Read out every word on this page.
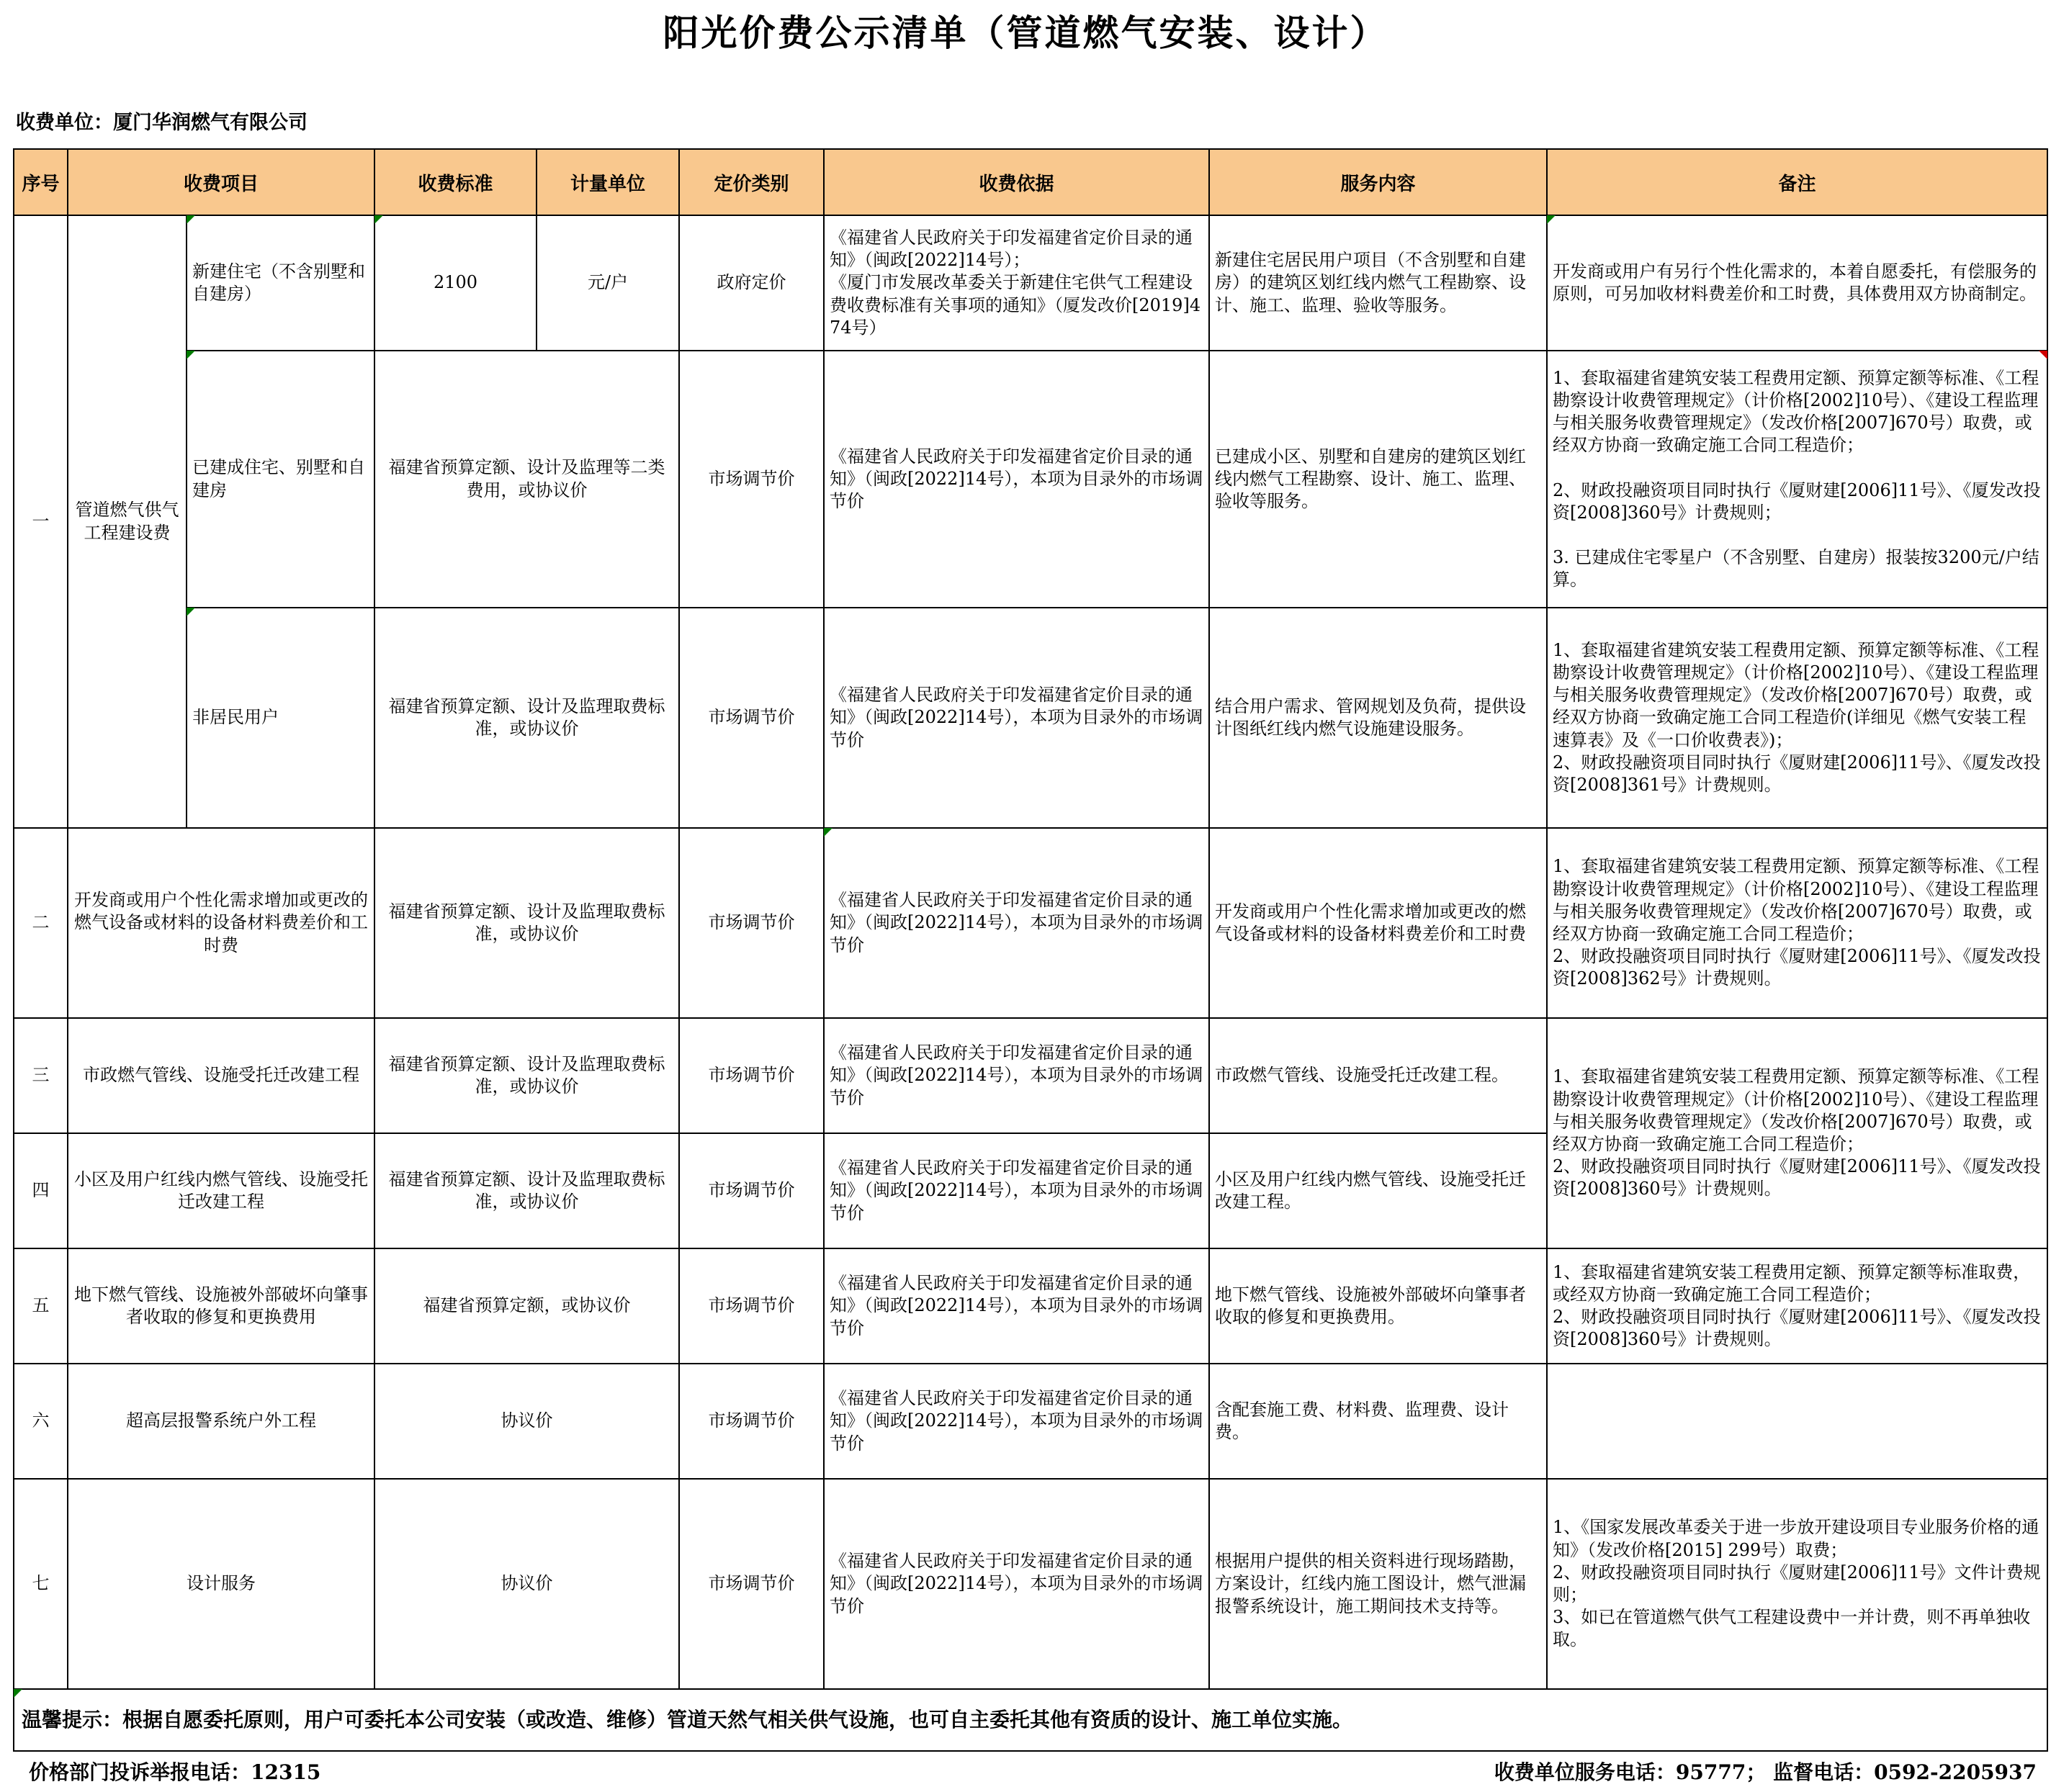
阳光价费公示清单（管道燃气安装、设计）
收费单位：厦门华润燃气有限公司
序号	收费项目		收费标准	计量单位	定价类别	收费依据	服务内容	备注
一	管道燃气供气工程建设费	新建住宅（不含别墅和自建房）	2100	元/户	政府定价	《福建省人民政府关于印发福建省定价目录的通知》（闽政[2022]14号）；
《厦门市发展改革委关于新建住宅供气工程建设费收费标准有关事项的通知》（厦发改价[2019]474号）	新建住宅居民用户项目（不含别墅和自建房）的建筑区划红线内燃气工程勘察、设计、施工、监理、验收等服务。	开发商或用户有另行个性化需求的，本着自愿委托，有偿服务的原则，可另加收材料费差价和工时费，具体费用双方协商制定。

已建成住宅、别墅和自建房	福建省预算定额、设计及监理等二类费用，或协议价		市场调节价	《福建省人民政府关于印发福建省定价目录的通知》（闽政[2022]14号），本项为目录外的市场调节价	已建成小区、别墅和自建房的建筑区划红线内燃气工程勘察、设计、施工、监理、验收等服务。	1、套取福建省建筑安装工程费用定额、预算定额等标准、《工程勘察设计收费管理规定》（计价格[2002]10号）、《建设工程监理与相关服务收费管理规定》（发改价格[2007]670号）取费，或经双方协商一致确定施工合同工程造价；

2、财政投融资项目同时执行《厦财建[2006]11号》、《厦发改投资[2008]360号》计费规则；

3. 已建成住宅零星户（不含别墅、自建房）报装按3200元/户结算。

非居民用户	福建省预算定额、设计及监理取费标准，或协议价		市场调节价	《福建省人民政府关于印发福建省定价目录的通知》（闽政[2022]14号），本项为目录外的市场调节价	结合用户需求、管网规划及负荷，提供设计图纸红线内燃气设施建设服务。	1、套取福建省建筑安装工程费用定额、预算定额等标准、《工程勘察设计收费管理规定》（计价格[2002]10号）、《建设工程监理与相关服务收费管理规定》（发改价格[2007]670号）取费，或经双方协商一致确定施工合同工程造价(详细见《燃气安装工程速算表》及《一口价收费表》)；
2、财政投融资项目同时执行《厦财建[2006]11号》、《厦发改投资[2008]361号》计费规则。
二	开发商或用户个性化需求增加或更改的燃气设备或材料的设备材料费差价和工时费		福建省预算定额、设计及监理取费标准，或协议价		市场调节价	《福建省人民政府关于印发福建省定价目录的通知》（闽政[2022]14号），本项为目录外的市场调节价	开发商或用户个性化需求增加或更改的燃气设备或材料的设备材料费差价和工时费	1、套取福建省建筑安装工程费用定额、预算定额等标准、《工程勘察设计收费管理规定》（计价格[2002]10号）、《建设工程监理与相关服务收费管理规定》（发改价格[2007]670号）取费，或经双方协商一致确定施工合同工程造价；
2、财政投融资项目同时执行《厦财建[2006]11号》、《厦发改投资[2008]362号》计费规则。
三	市政燃气管线、设施受托迁改建工程		福建省预算定额、设计及监理取费标准，或协议价		市场调节价	《福建省人民政府关于印发福建省定价目录的通知》（闽政[2022]14号），本项为目录外的市场调节价	市政燃气管线、设施受托迁改建工程。	1、套取福建省建筑安装工程费用定额、预算定额等标准、《工程勘察设计收费管理规定》（计价格[2002]10号）、《建设工程监理与相关服务收费管理规定》（发改价格[2007]670号）取费，或经双方协商一致确定施工合同工程造价；
2、财政投融资项目同时执行《厦财建[2006]11号》、《厦发改投资[2008]360号》计费规则。
四	小区及用户红线内燃气管线、设施受托迁改建工程		福建省预算定额、设计及监理取费标准，或协议价		市场调节价	《福建省人民政府关于印发福建省定价目录的通知》（闽政[2022]14号），本项为目录外的市场调节价	小区及用户红线内燃气管线、设施受托迁改建工程。	
五	地下燃气管线、设施被外部破坏向肇事者收取的修复和更换费用		福建省预算定额，或协议价		市场调节价	《福建省人民政府关于印发福建省定价目录的通知》（闽政[2022]14号），本项为目录外的市场调节价	地下燃气管线、设施被外部破坏向肇事者收取的修复和更换费用。	1、套取福建省建筑安装工程费用定额、预算定额等标准取费，或经双方协商一致确定施工合同工程造价；
2、财政投融资项目同时执行《厦财建[2006]11号》、《厦发改投资[2008]360号》计费规则。
六	超高层报警系统户外工程		协议价		市场调节价	《福建省人民政府关于印发福建省定价目录的通知》（闽政[2022]14号），本项为目录外的市场调节价	含配套施工费、材料费、监理费、设计费。	
七	设计服务		协议价		市场调节价	《福建省人民政府关于印发福建省定价目录的通知》（闽政[2022]14号），本项为目录外的市场调节价	根据用户提供的相关资料进行现场踏勘，方案设计，红线内施工图设计，燃气泄漏报警系统设计，施工期间技术支持等。	1、《国家发展改革委关于进一步放开建设项目专业服务价格的通知》（发改价格[2015] 299号）取费；
2、财政投融资项目同时执行《厦财建[2006]11号》文件计费规则；
3、如已在管道燃气供气工程建设费中一并计费，则不再单独收取。

温馨提示：根据自愿委托原则，用户可委托本公司安装（或改造、维修）管道天然气相关供气设施，也可自主委托其他有资质的设计、施工单位实施。								
价格部门投诉举报电话：12315	收费单位服务电话：95777； 监督电话：0592-2205937
